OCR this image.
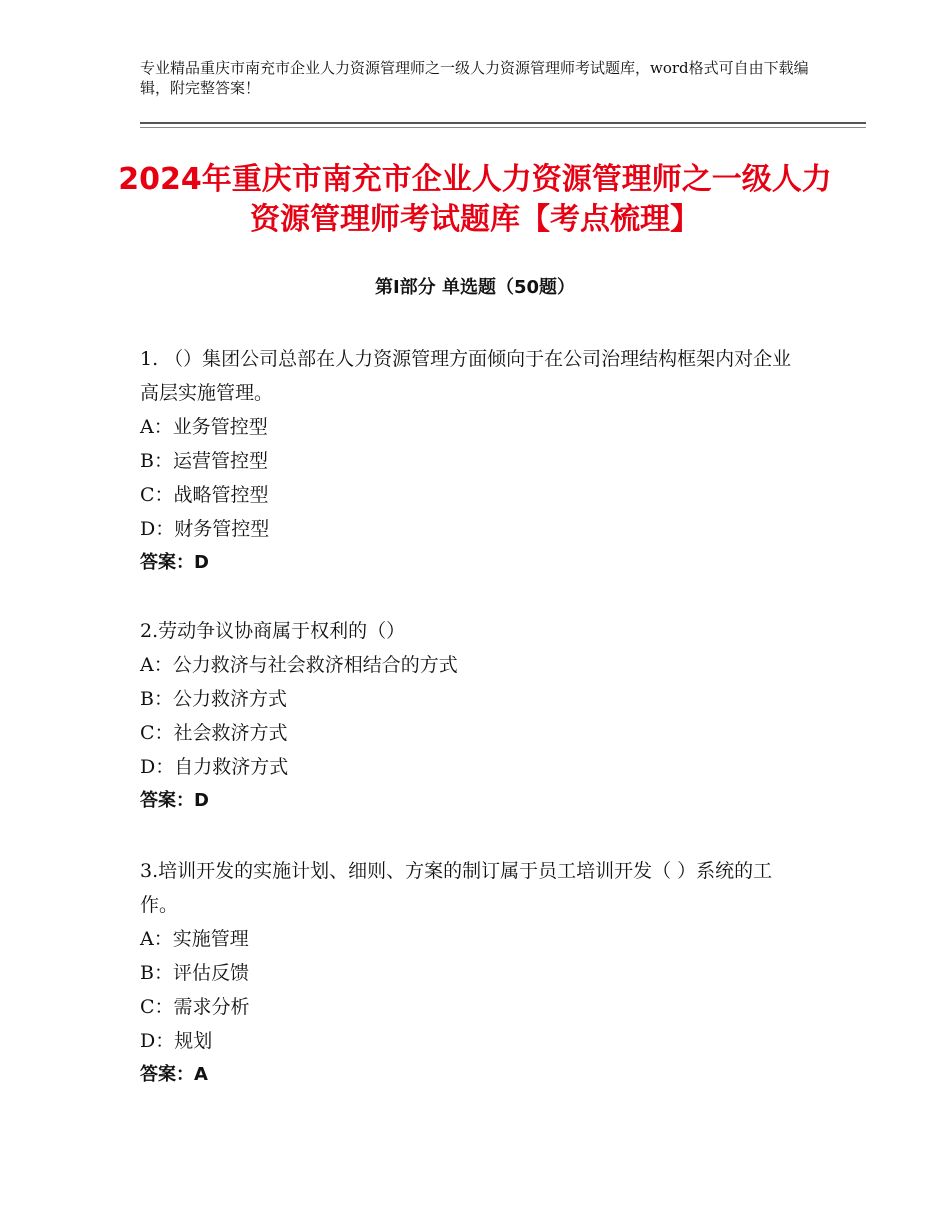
专业精品重庆市南充市企业人力资源管理师之一级人力资源管理师考试题库，word格式可自由下载编辑，附完整答案！
2024年重庆市南充市企业人力资源管理师之一级人力资源管理师考试题库【考点梳理】
第I部分 单选题（50题）
1. （）集团公司总部在人力资源管理方面倾向于在公司治理结构框架内对企业高层实施管理。
A：业务管控型
B：运营管控型
C：战略管控型
D：财务管控型
答案：D
2.劳动争议协商属于权利的（）
A：公力救济与社会救济相结合的方式
B：公力救济方式
C：社会救济方式
D：自力救济方式
答案：D
3.培训开发的实施计划、细则、方案的制订属于员工培训开发（ ）系统的工作。
A：实施管理
B：评估反馈
C：需求分析
D：规划
答案：A
